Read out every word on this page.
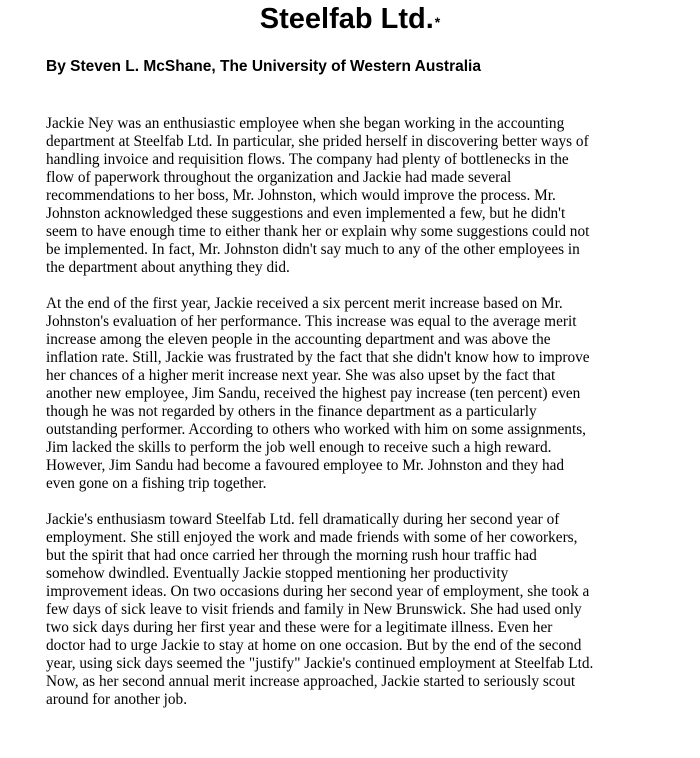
Steelfab Ltd.*

By Steven L. McShane, The University of Western Australia

Jackie Ney was an enthusiastic employee when she began working in the accounting
department at Steelfab Ltd. In particular, she prided herself in discovering better ways of
handling invoice and requisition flows. The company had plenty of bottlenecks in the
flow of paperwork throughout the organization and Jackie had made several
recommendations to her boss, Mr. Johnston, which would improve the process. Mr.
Johnston acknowledged these suggestions and even implemented a few, but he didn't
seem to have enough time to either thank her or explain why some suggestions could not
be implemented. In fact, Mr. Johnston didn't say much to any of the other employees in
the department about anything they did.

At the end of the first year, Jackie received a six percent merit increase based on Mr.
Johnston's evaluation of her performance. This increase was equal to the average merit
increase among the eleven people in the accounting department and was above the
inflation rate. Still, Jackie was frustrated by the fact that she didn't know how to improve
her chances of a higher merit increase next year. She was also upset by the fact that
another new employee, Jim Sandu, received the highest pay increase (ten percent) even
though he was not regarded by others in the finance department as a particularly
outstanding performer. According to others who worked with him on some assignments,
Jim lacked the skills to perform the job well enough to receive such a high reward.
However, Jim Sandu had become a favoured employee to Mr. Johnston and they had
even gone on a fishing trip together.

Jackie's enthusiasm toward Steelfab Ltd. fell dramatically during her second year of
employment. She still enjoyed the work and made friends with some of her coworkers,
but the spirit that had once carried her through the morning rush hour traffic had
somehow dwindled. Eventually Jackie stopped mentioning her productivity
improvement ideas. On two occasions during her second year of employment, she took a
few days of sick leave to visit friends and family in New Brunswick. She had used only
two sick days during her first year and these were for a legitimate illness. Even her
doctor had to urge Jackie to stay at home on one occasion. But by the end of the second
year, using sick days seemed the "justify" Jackie's continued employment at Steelfab Ltd.
Now, as her second annual merit increase approached, Jackie started to seriously scout
around for another job.
